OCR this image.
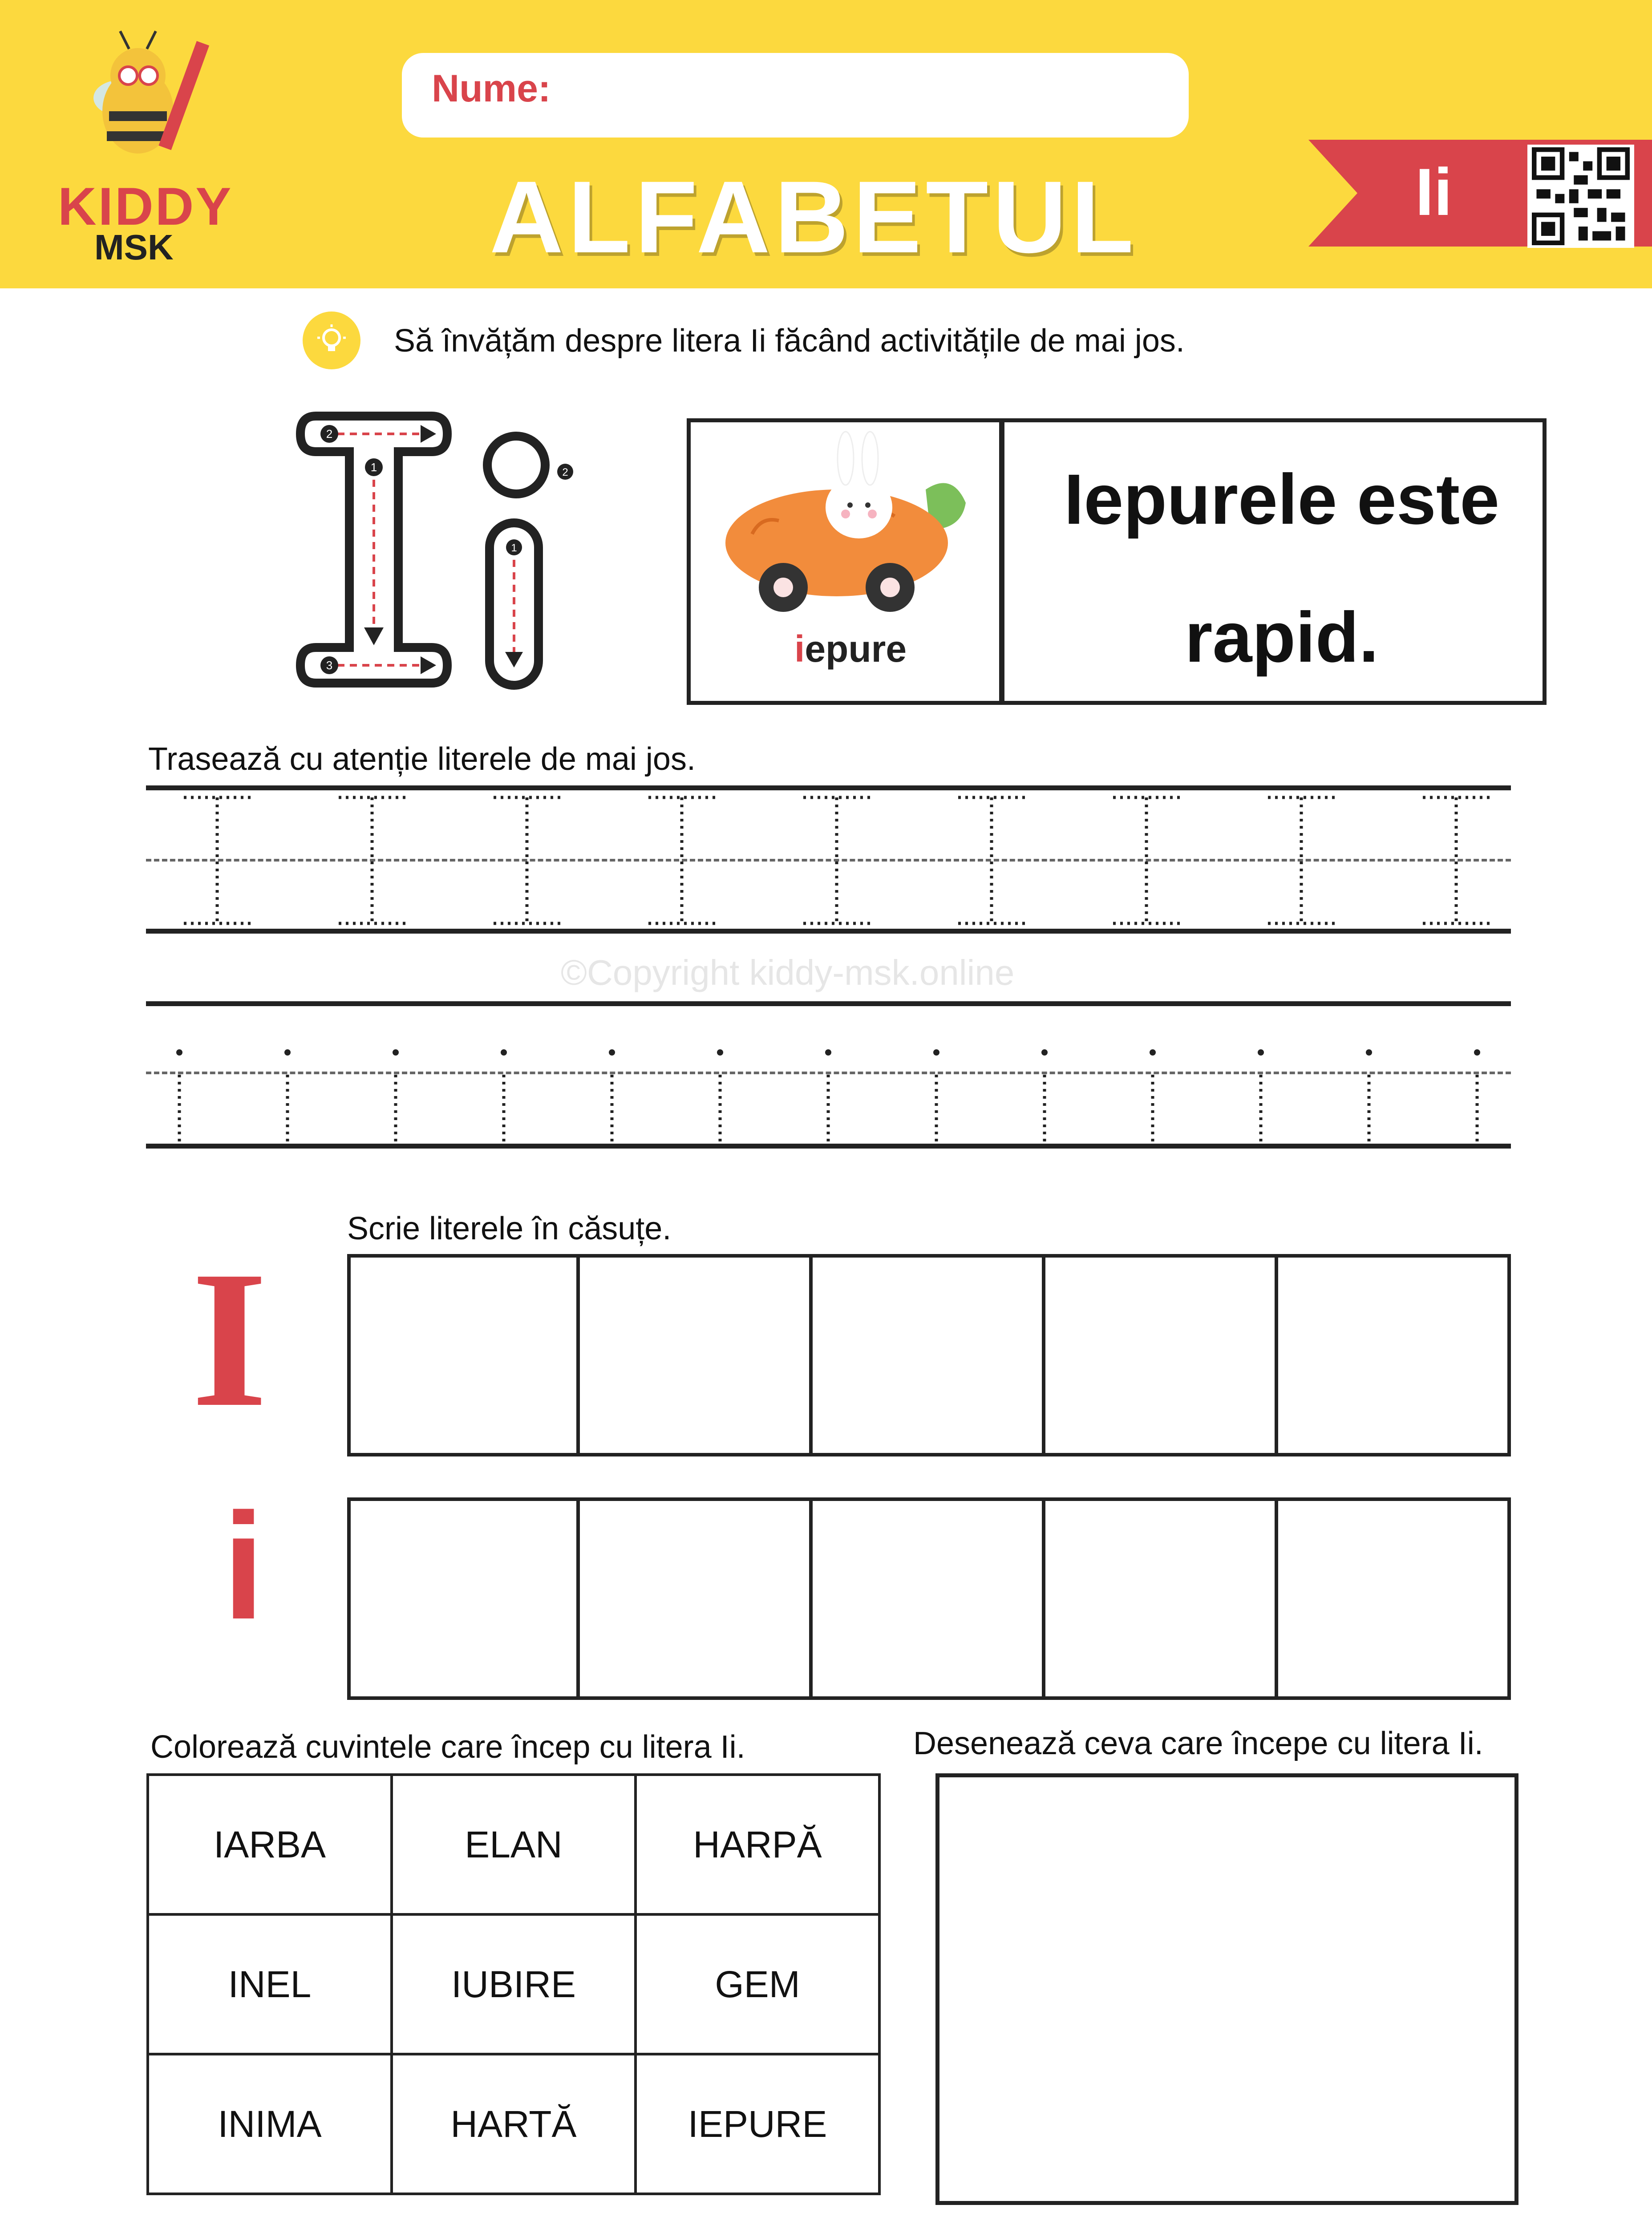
KIDDY
MSK
Nume:
ALFABETUL	Ii
Să învățăm despre litera Ii făcând activitățile de mai jos.
2
1
3
2
1
iepure
Iepurele este
rapid.
Trasează cu atenție literele de mai jos.
©Copyright kiddy-msk.online
Scrie literele în căsuțe.
I
i
Colorează cuvintele care încep cu litera Ii.
IARBA	ELAN	HARPĂ
INEL	IUBIRE	GEM
INIMA	HARTĂ	IEPURE
Desenează ceva care începe cu litera Ii.
